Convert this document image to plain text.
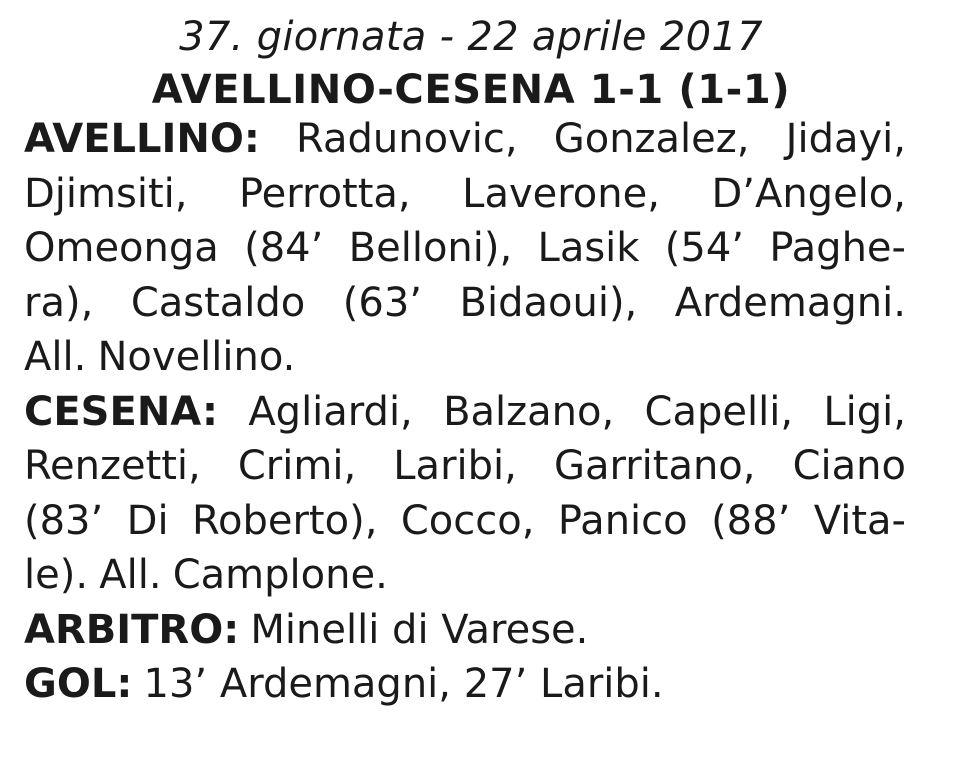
37. giornata - 22 aprile 2017
AVELLINO-CESENA 1-1 (1-1)
AVELLINO: Radunovic, Gonzalez, Jidayi,
Djimsiti, Perrotta, Laverone, D’Angelo,
Omeonga (84’ Belloni), Lasik (54’ Paghe-
ra), Castaldo (63’ Bidaoui), Ardemagni.
All. Novellino.
CESENA: Agliardi, Balzano, Capelli, Ligi,
Renzetti, Crimi, Laribi, Garritano, Ciano
(83’ Di Roberto), Cocco, Panico (88’ Vita-
le). All. Camplone.
ARBITRO: Minelli di Varese.
GOL: 13’ Ardemagni, 27’ Laribi.
